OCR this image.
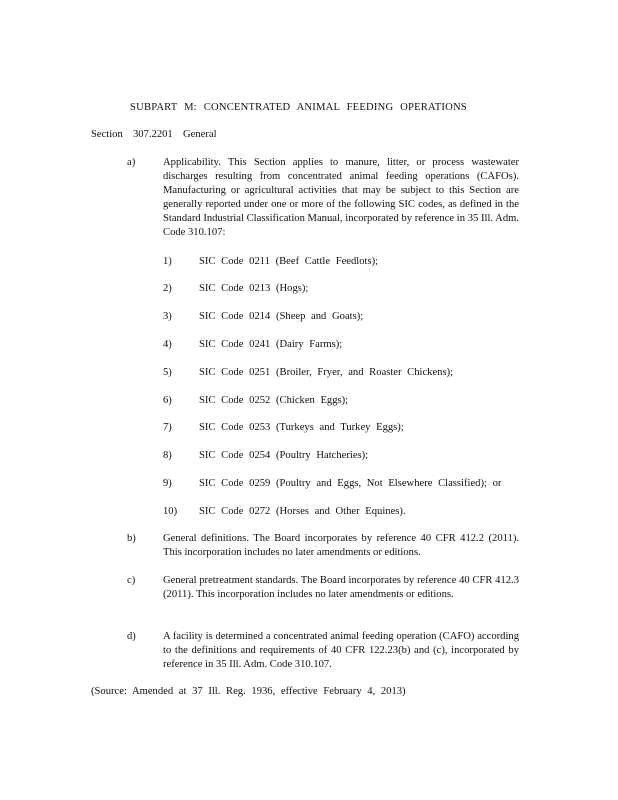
SUBPART M: CONCENTRATED ANIMAL FEEDING OPERATIONS
Section 307.2201 General
a)	Applicability. This Section applies to manure, litter, or process wastewater discharges resulting from concentrated animal feeding operations (CAFOs). Manufacturing or agricultural activities that may be subject to this Section are generally reported under one or more of the following SIC codes, as defined in the Standard Industrial Classification Manual, incorporated by reference in 35 Ill. Adm. Code 310.107:
1)	SIC Code 0211 (Beef Cattle Feedlots);
2)	SIC Code 0213 (Hogs);
3)	SIC Code 0214 (Sheep and Goats);
4)	SIC Code 0241 (Dairy Farms);
5)	SIC Code 0251 (Broiler, Fryer, and Roaster Chickens);
6)	SIC Code 0252 (Chicken Eggs);
7)	SIC Code 0253 (Turkeys and Turkey Eggs);
8)	SIC Code 0254 (Poultry Hatcheries);
9)	SIC Code 0259 (Poultry and Eggs, Not Elsewhere Classified); or
10) SIC Code 0272 (Horses and Other Equines).
b)	General definitions. The Board incorporates by reference 40 CFR 412.2 (2011). This incorporation includes no later amendments or editions.
c)	General pretreatment standards. The Board incorporates by reference 40 CFR 412.3 (2011). This incorporation includes no later amendments or editions.
d)	A facility is determined a concentrated animal feeding operation (CAFO) according to the definitions and requirements of 40 CFR 122.23(b) and (c), incorporated by reference in 35 Ill. Adm. Code 310.107.
(Source: Amended at 37 Ill. Reg. 1936, effective February 4, 2013)
